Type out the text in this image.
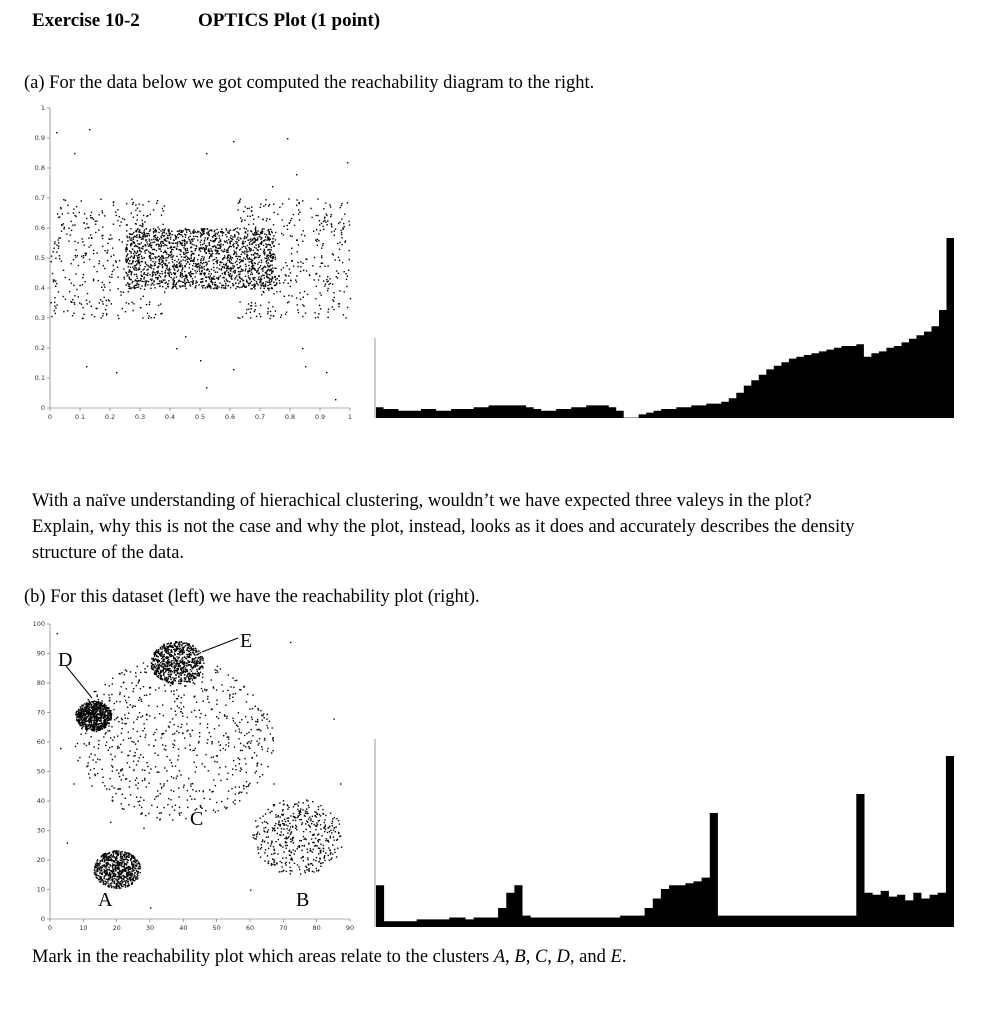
Exercise 10-2	OPTICS Plot (1 point)
(a) For the data below we got computed the reachability diagram to the right.
0	0.1	0.2	0.3	0.4	0.5	0.6	0.7	0.8	0.9	1
0
0.1
0.2
0.3
0.4
0.5
0.6
0.7
0.8
0.9
1
With a naïve understanding of hierachical clustering, wouldn’t we have expected three valeys in the plot?
Explain, why this is not the case and why the plot, instead, looks as it does and accurately describes the density
structure of the data.
(b) For this dataset (left) we have the reachability plot (right).
0	10	20	30	40	50	60	70	80	90
0
10
20
30
40
50
60
70
80
90
100
D
E
C
A	B
Mark in the reachability plot which areas relate to the clusters A, B, C, D, and E.
